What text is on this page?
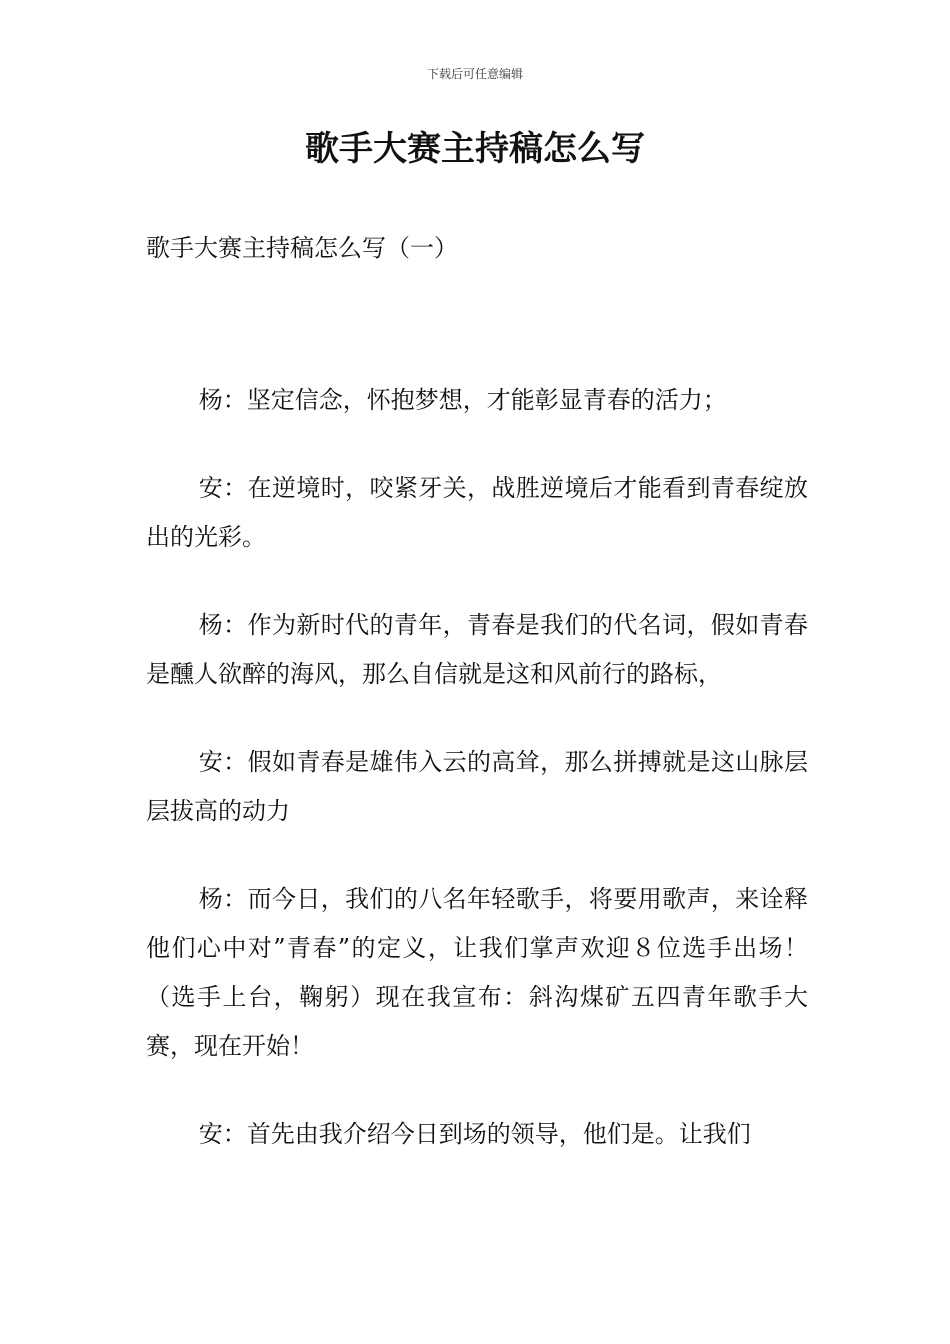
下载后可任意编辑
歌手大赛主持稿怎么写
歌手大赛主持稿怎么写（一）

杨：坚定信念，怀抱梦想，才能彰显青春的活力；

安：在逆境时，咬紧牙关，战胜逆境后才能看到青春绽放出的光彩。

杨：作为新时代的青年，青春是我们的代名词，假如青春是醺人欲醉的海风，那么自信就是这和风前行的路标，

安：假如青春是雄伟入云的高耸，那么拼搏就是这山脉层层拔高的动力

杨：而今日，我们的八名年轻歌手，将要用歌声，来诠释他们心中对”青春”的定义，让我们掌声欢迎８位选手出场！（选手上台，鞠躬）现在我宣布：斜沟煤矿五四青年歌手大赛，现在开始！

安：首先由我介绍今日到场的领导，他们是。让我们
